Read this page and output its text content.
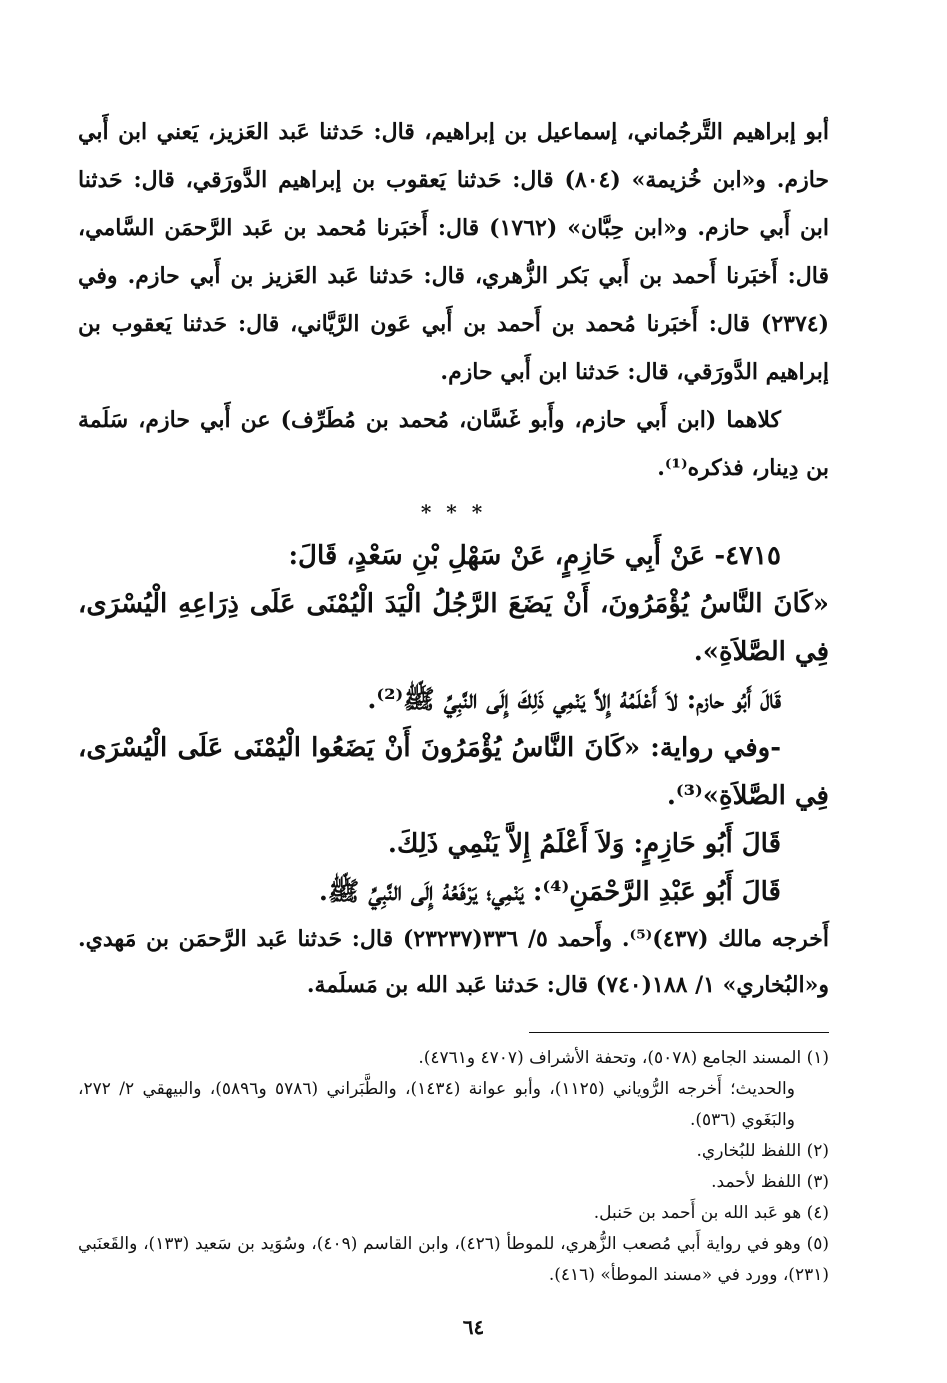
أبو إبراهيم التَّرجُماني، إسماعيل بن إبراهيم، قال: حَدثنا عَبد العَزيز، يَعني ابن أَبي حازم. و«ابن خُزيمة» (٨٠٤) قال: حَدثنا يَعقوب بن إبراهيم الدَّورَقي، قال: حَدثنا ابن أَبي حازم. و«ابن حِبَّان» (١٧٦٢) قال: أَخبَرنا مُحمد بن عَبد الرَّحمَن السَّامي، قال: أَخبَرنا أَحمد بن أَبي بَكر الزُّهري، قال: حَدثنا عَبد العَزيز بن أَبي حازم. وفي (٢٣٧٤) قال: أَخبَرنا مُحمد بن أَحمد بن أَبي عَون الرَّيَّاني، قال: حَدثنا يَعقوب بن إبراهيم الدَّورَقي، قال: حَدثنا ابن أَبي حازم.

كلاهما (ابن أَبي حازم، وأَبو غَسَّان، مُحمد بن مُطَرِّف) عن أَبي حازم، سَلَمة بن دِينار، فذكره⁽¹⁾.

* * *

٤٧١٥- عَنْ أَبِي حَازِمٍ، عَنْ سَهْلِ بْنِ سَعْدٍ، قَالَ:

«كَانَ النَّاسُ يُؤْمَرُونَ، أَنْ يَضَعَ الرَّجُلُ الْيَدَ الْيُمْنَى عَلَى ذِرَاعِهِ الْيُسْرَى، فِي الصَّلاَةِ».

قَالَ أَبُو حازم: لاَ أَعْلَمُهُ إِلاَّ يَنْمِي ذَلِكَ إِلَى النَّبِيِّ ﷺ⁽²⁾.

-وفي رواية: «كَانَ النَّاسُ يُؤْمَرُونَ أَنْ يَضَعُوا الْيُمْنَى عَلَى الْيُسْرَى، فِي الصَّلاَةِ»⁽³⁾.

قَالَ أَبُو حَازِمٍ: وَلاَ أَعْلَمُ إِلاَّ يَنْمِي ذَلِكَ.

قَالَ أَبُو عَبْدِ الرَّحْمَنِ⁽⁴⁾: يَنْمِي؛ يَرْفَعُهُ إِلَى النَّبِيِّ ﷺ.

أَخرجه مالك (٤٣٧)⁽⁵⁾. وأَحمد ٥/ ٣٣٦(٢٣٢٣٧) قال: حَدثنا عَبد الرَّحمَن بن مَهدي. و«البُخاري» ١/ ١٨٨(٧٤٠) قال: حَدثنا عَبد الله بن مَسلَمة.

(١) المسند الجامع (٥٠٧٨)، وتحفة الأشراف (٤٧٠٧ و٤٧٦١).

والحديث؛ أَخرجه الرُّوياني (١١٢٥)، وأبو عوانة (١٤٣٤)، والطَّبَراني (٥٧٨٦ و٥٨٩٦)، والبيهقي ٢/ ٢٧٢، والبَغَوي (٥٣٦).

(٢) اللفظ للبُخاري.

(٣) اللفظ لأحمد.

(٤) هو عَبد الله بن أَحمد بن حَنبل.

(٥) وهو في رواية أَبي مُصعب الزُّهري، للموطأ (٤٢٦)، وابن القاسم (٤٠٩)، وسُوَيد بن سَعيد (١٣٣)، والقَعنَبي (٢٣١)، وورد في «مسند الموطأ» (٤١٦).

٦٤
